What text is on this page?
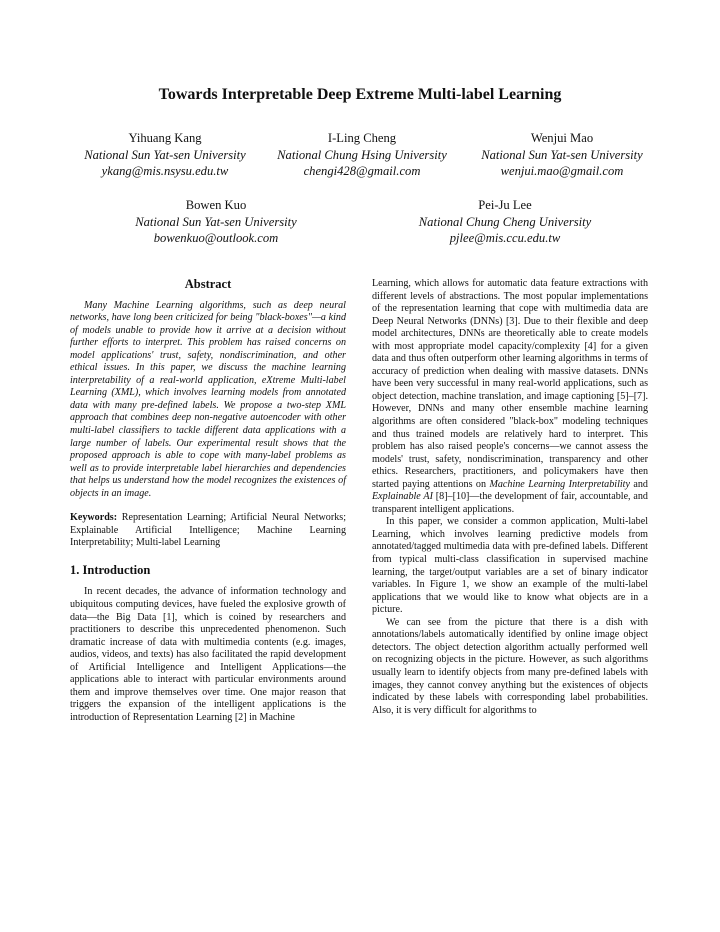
Towards Interpretable Deep Extreme Multi-label Learning
Yihuang Kang
National Sun Yat-sen University
ykang@mis.nsysu.edu.tw
I-Ling Cheng
National Chung Hsing University
chengi428@gmail.com
Wenjui Mao
National Sun Yat-sen University
wenjui.mao@gmail.com
Bowen Kuo
National Sun Yat-sen University
bowenkuo@outlook.com
Pei-Ju Lee
National Chung Cheng University
pjlee@mis.ccu.edu.tw
Abstract

Many Machine Learning algorithms, such as deep neural networks, have long been criticized for being "black-boxes"—a kind of models unable to provide how it arrive at a decision without further efforts to interpret. This problem has raised concerns on model applications' trust, safety, nondiscrimination, and other ethical issues. In this paper, we discuss the machine learning interpretability of a real-world application, eXtreme Multi-label Learning (XML), which involves learning models from annotated data with many pre-defined labels. We propose a two-step XML approach that combines deep non-negative autoencoder with other multi-label classifiers to tackle different data applications with a large number of labels. Our experimental result shows that the proposed approach is able to cope with many-label problems as well as to provide interpretable label hierarchies and dependencies that helps us understand how the model recognizes the existences of objects in an image.

Keywords: Representation Learning; Artificial Neural Networks; Explainable Artificial Intelligence; Machine Learning Interpretability; Multi-label Learning

1. Introduction

In recent decades, the advance of information technology and ubiquitous computing devices, have fueled the explosive growth of data—the Big Data [1], which is coined by researchers and practitioners to describe this unprecedented phenomenon. Such dramatic increase of data with multimedia contents (e.g. images, audios, videos, and texts) has also facilitated the rapid development of Artificial Intelligence and Intelligent Applications—the applications able to interact with particular environments around them and improve themselves over time. One major reason that triggers the expansion of the intelligent applications is the introduction of Representation Learning [2] in Machine

Learning, which allows for automatic data feature extractions with different levels of abstractions. The most popular implementations of the representation learning that cope with multimedia data are Deep Neural Networks (DNNs) [3]. Due to their flexible and deep model architectures, DNNs are theoretically able to create models with most appropriate model capacity/complexity [4] for a given data and thus often outperform other learning algorithms in terms of accuracy of prediction when dealing with massive datasets. DNNs have been very successful in many real-world applications, such as object detection, machine translation, and image captioning [5]–[7]. However, DNNs and many other ensemble machine learning algorithms are often considered "black-box" modeling techniques and thus trained models are relatively hard to interpret. This problem has also raised people's concerns—we cannot assess the models' trust, safety, nondiscrimination, transparency and other ethics. Researchers, practitioners, and policymakers have then started paying attentions on Machine Learning Interpretability and Explainable AI [8]–[10]—the development of fair, accountable, and transparent intelligent applications.

In this paper, we consider a common application, Multi-label Learning, which involves learning predictive models from annotated/tagged multimedia data with pre-defined labels. Different from typical multi-class classification in supervised machine learning, the target/output variables are a set of binary indicator variables. In Figure 1, we show an example of the multi-label applications that we would like to know what objects are in a picture.

We can see from the picture that there is a dish with annotations/labels automatically identified by online image object detectors. The object detection algorithm actually performed well on recognizing objects in the picture. However, as such algorithms usually learn to identify objects from many pre-defined labels with images, they cannot convey anything but the existences of objects indicated by these labels with corresponding label probabilities. Also, it is very difficult for algorithms to
